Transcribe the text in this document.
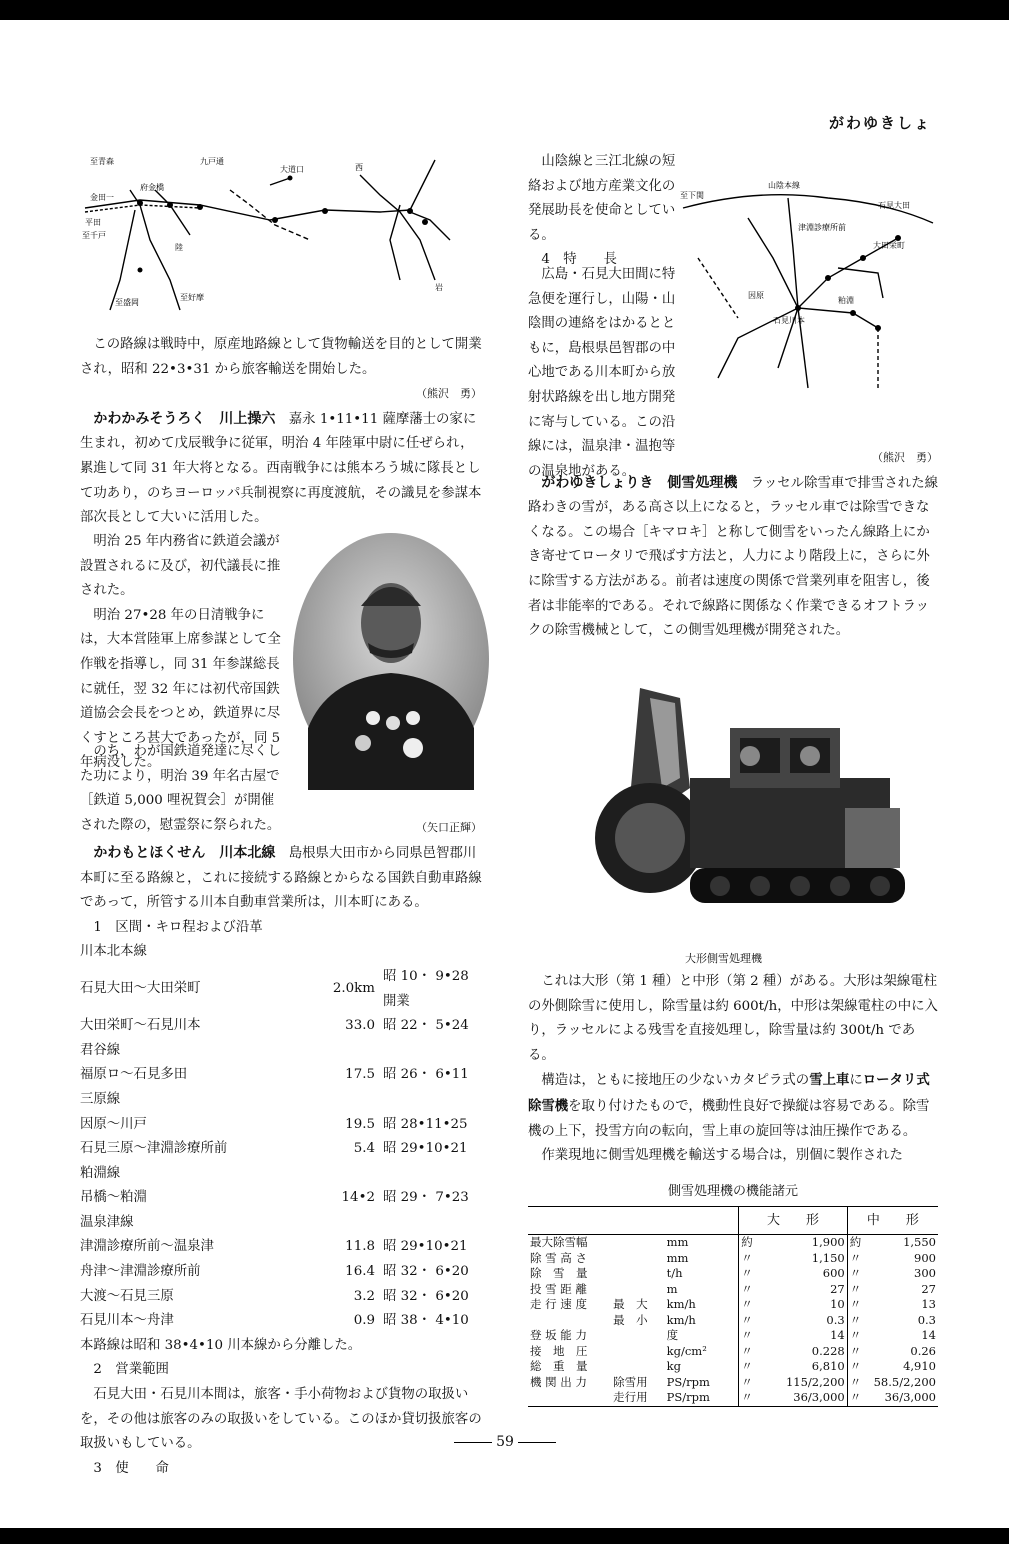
がわゆきしょ
至青森	九戸通
府金橋
金田一
平田
至千戸
陸
至好摩
至盛岡
大道口	西
岩

この路線は戦時中，原産地路線として貨物輸送を目的として開業され，昭和 22•3•31 から旅客輸送を開始した。

（熊沢　勇）

かわかみそうろく　川上操六　 嘉永 1•11•11 薩摩藩士の家に生まれ，初めて戊辰戦争に従軍，明治 4 年陸軍中尉に任ぜられ，累進して同 31 年大将となる。西南戦争には熊本ろう城に隊長として功あり，のちヨーロッパ兵制視察に再度渡航，その識見を参謀本部次長として大いに活用した。

明治 25 年内務省に鉄道会議が設置されるに及び，初代議長に推された。

明治 27•28 年の日清戦争には，大本営陸軍上席参謀として全作戦を指導し，同 31 年参謀総長に就任，翌 32 年には初代帝国鉄道協会会長をつとめ，鉄道界に尽くすところ甚大であったが，同 5 年病没した。

のち，わが国鉄道発達に尽くした功により，明治 39 年名古屋で［鉄道 5,000 哩祝賀会］が開催された際の，慰霊祭に祭られた。	（矢口正輝）

かわもとほくせん　川本北線　 島根県大田市から同県邑智郡川本町に至る路線と，これに接続する路線とからなる国鉄自動車路線であって，所管する川本自動車営業所は，川本町にある。

1　区間・キロ程および沿革

川本北本線		
石見大田～大田栄町	2.0km	昭 10・ 9•28 開業
大田栄町～石見川本	33.0	昭 22・ 5•24
君谷線		
福原ロ～石見多田	17.5	昭 26・ 6•11
三原線		
因原～川戸	19.5	昭 28•11•25
石見三原～津淵診療所前	5.4	昭 29•10•21
粕淵線		
吊橋～粕淵	14•2	昭 29・ 7•23
温泉津線		
津淵診療所前～温泉津	11.8	昭 29•10•21
舟津～津淵診療所前	16.4	昭 32・ 6•20
大渡～石見三原	3.2	昭 32・ 6•20
石見川本～舟津	0.9	昭 38・ 4•10

本路線は昭和 38•4•10 川本線から分離した。

2　営業範囲

石見大田・石見川本間は，旅客・手小荷物および貨物の取扱いを，その他は旅客のみの取扱いをしている。このほか貸切扱旅客の取扱いもしている。

3　使　　命

山陰線と三江北線の短絡および地方産業文化の発展助長を使命としている。

4　特　　長

至下関
山陰本線
石見大田
津淵診療所前
大田栄町
粕淵
因原
石見川本

広島・石見大田間に特急便を運行し，山陽・山陰間の連絡をはかるとともに，島根県邑智郡の中心地である川本町から放射状路線を出し地方開発に寄与している。この沿線には，温泉津・温抱等の温泉地がある。

（熊沢　勇）

がわゆきしょりき　側雪処理機　 ラッセル除雪車で排雪された線路わきの雪が，ある高さ以上になると，ラッセル車では除雪できなくなる。この場合［キマロキ］と称して側雪をいったん線路上にかき寄せてロータリで飛ばす方法と，人力により階段上に，さらに外に除雪する方法がある。前者は速度の関係で営業列車を阻害し，後者は非能率的である。それで線路に関係なく作業できるオフトラックの除雪機械として，この側雪処理機が開発された。

大形側雪処理機

これは大形（第 1 種）と中形（第 2 種）がある。大形は架線電柱の外側除雪に使用し，除雪量は約 600t/h，中形は架線電柱の中に入り，ラッセルによる残雪を直接処理し，除雪量は約 300t/h である。

構造は，ともに接地圧の少ないカタピラ式の雪上車にロータリ式除雪機を取り付けたもので，機動性良好で操縦は容易である。除雪機の上下，投雪方向の転向，雪上車の旋回等は油圧操作である。

作業現地に側雪処理機を輸送する場合は，別個に製作された

側雪処理機の機能諸元
			大　　形		中　　形	
最大除雪幅		mm	約	1,900	約	1,550
除 雪 高 さ		mm	〃	1,150	〃	900
除　雪　量		t/h	〃	600	〃	300
投 雪 距 離		m	〃	27	〃	27
走 行 速 度	最　大	km/h	〃	10	〃	13
	最　小	km/h	〃	0.3	〃	0.3
登 坂 能 力		度	〃	14	〃	14
接　地　圧		kg/cm²	〃	0.228	〃	0.26
総　重　量		kg	〃	6,810	〃	4,910
機 関 出 力	除雪用	PS/rpm	〃	115/2,200	〃	58.5/2,200
	走行用	PS/rpm	〃	36/3,000	〃	36/3,000
59
